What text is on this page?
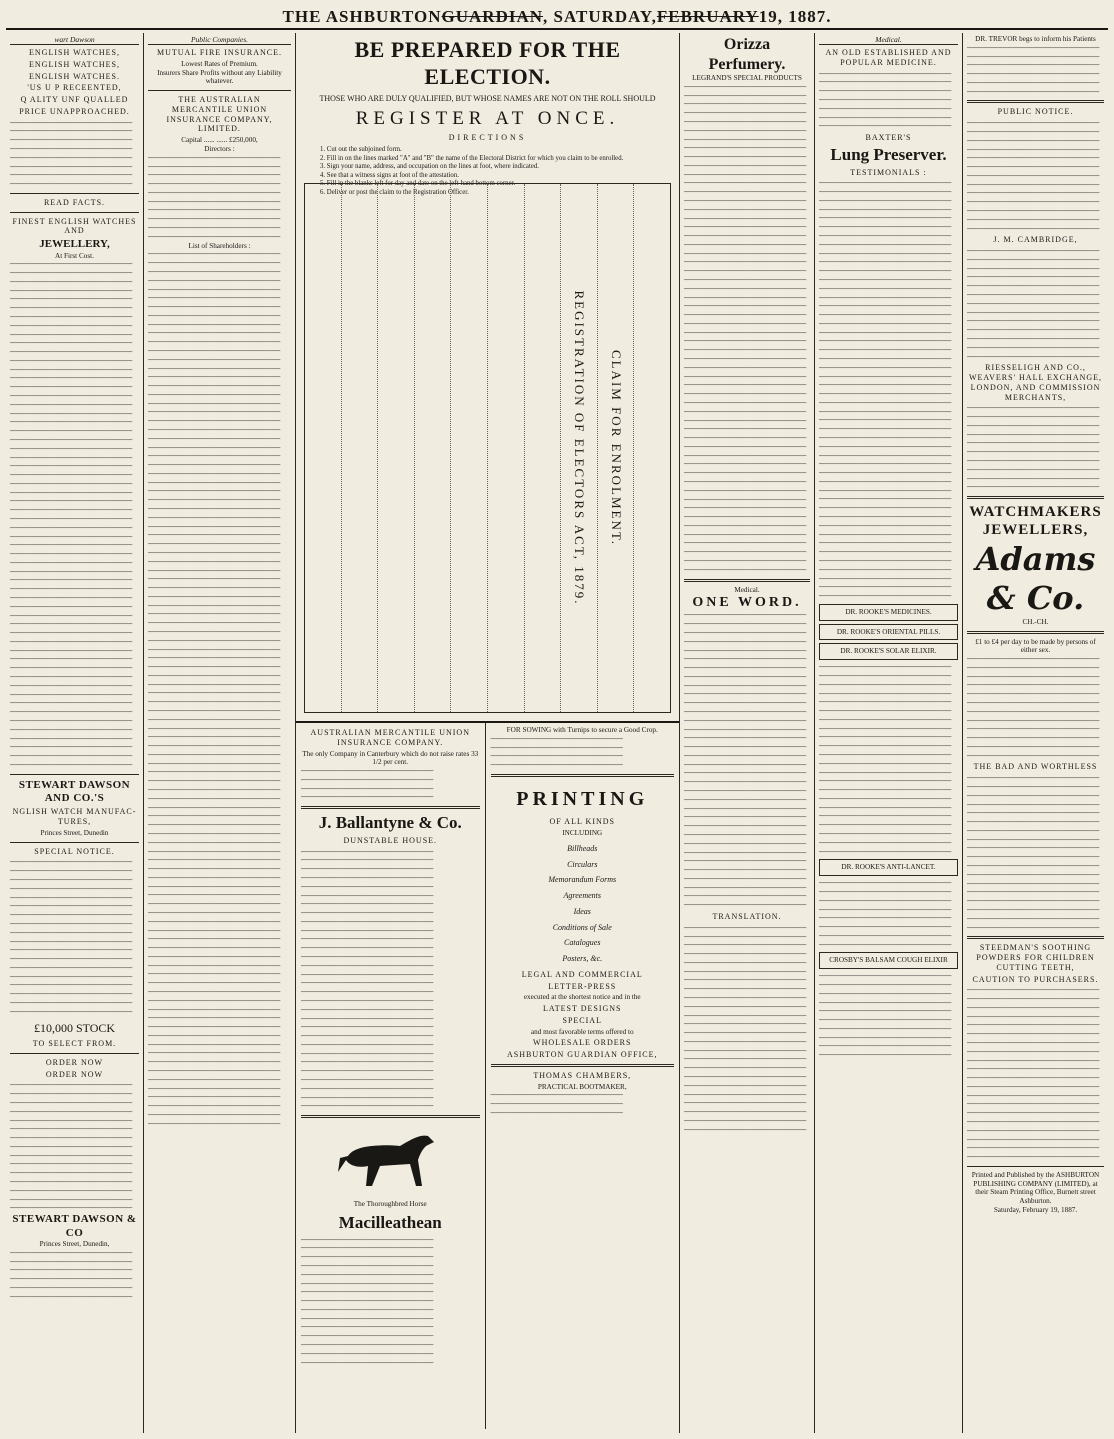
THE ASHBURTON GUARDIAN , SATURDAY, FEBRUARY 19, 1887.
wart Dawson
ENGLISH WATCHES,
ENGLISH WATCHES,
ENGLISH WATCHES.
'US U P RECEENTED,
Q ALITY UNF QUALLED
PRICE UNAPPROACHED.
────────────────────────
────────────────────────
────────────────────────
────────────────────────
────────────────────────
────────────────────────
────────────────────────
────────────────────────
READ FACTS.
FINEST ENGLISH WATCHES AND
JEWELLERY,
At First Cost.
────────────────────────
────────────────────────
────────────────────────
────────────────────────
────────────────────────
────────────────────────
────────────────────────
────────────────────────
────────────────────────
────────────────────────
────────────────────────
────────────────────────
────────────────────────
────────────────────────
────────────────────────
────────────────────────
────────────────────────
────────────────────────
────────────────────────
────────────────────────
────────────────────────
────────────────────────
────────────────────────
────────────────────────
────────────────────────
────────────────────────
────────────────────────
────────────────────────
────────────────────────
────────────────────────
────────────────────────
────────────────────────
────────────────────────
────────────────────────
────────────────────────
────────────────────────
────────────────────────
────────────────────────
────────────────────────
────────────────────────
────────────────────────
────────────────────────
────────────────────────
────────────────────────
────────────────────────
────────────────────────
────────────────────────
────────────────────────
────────────────────────
────────────────────────
────────────────────────
────────────────────────
────────────────────────
────────────────────────
────────────────────────
────────────────────────
────────────────────────
────────────────────────
STEWART DAWSON AND CO.'S
NGLISH WATCH MANUFAC-TURES,
Princes Street, Dunedin
SPECIAL NOTICE.
────────────────────────
────────────────────────
────────────────────────
────────────────────────
────────────────────────
────────────────────────
────────────────────────
────────────────────────
────────────────────────
────────────────────────
────────────────────────
────────────────────────
────────────────────────
────────────────────────
────────────────────────
────────────────────────
────────────────────────
────────────────────────
£10,000 STOCK
TO SELECT FROM.
ORDER NOW
ORDER NOW
────────────────────────
────────────────────────
────────────────────────
────────────────────────
────────────────────────
────────────────────────
────────────────────────
────────────────────────
────────────────────────
────────────────────────
────────────────────────
────────────────────────
────────────────────────
────────────────────────
────────────────────────
STEWART DAWSON & CO
Princes Street, Dunedin,
────────────────────────
────────────────────────
────────────────────────
────────────────────────
────────────────────────
────────────────────────
Public Companies.
MUTUAL FIRE INSURANCE.
Lowest Rates of Premium.
Insurers Share Profits without any Liability whatever.
THE AUSTRALIAN MERCANTILE UNION INSURANCE COMPANY, LIMITED.
Capital ...... ...... £250,000,
Directors :
──────────────────────────
──────────────────────────
──────────────────────────
──────────────────────────
──────────────────────────
──────────────────────────
──────────────────────────
──────────────────────────
──────────────────────────
──────────────────────────
List of Shareholders :
──────────────────────────
──────────────────────────
──────────────────────────
──────────────────────────
──────────────────────────
──────────────────────────
──────────────────────────
──────────────────────────
──────────────────────────
──────────────────────────
──────────────────────────
──────────────────────────
──────────────────────────
──────────────────────────
──────────────────────────
──────────────────────────
──────────────────────────
──────────────────────────
──────────────────────────
──────────────────────────
──────────────────────────
──────────────────────────
──────────────────────────
──────────────────────────
──────────────────────────
──────────────────────────
──────────────────────────
──────────────────────────
──────────────────────────
──────────────────────────
──────────────────────────
──────────────────────────
──────────────────────────
──────────────────────────
──────────────────────────
──────────────────────────
──────────────────────────
──────────────────────────
──────────────────────────
──────────────────────────
──────────────────────────
──────────────────────────
──────────────────────────
──────────────────────────
──────────────────────────
──────────────────────────
──────────────────────────
──────────────────────────
──────────────────────────
──────────────────────────
──────────────────────────
──────────────────────────
──────────────────────────
──────────────────────────
──────────────────────────
──────────────────────────
──────────────────────────
──────────────────────────
──────────────────────────
──────────────────────────
──────────────────────────
──────────────────────────
──────────────────────────
──────────────────────────
──────────────────────────
──────────────────────────
──────────────────────────
──────────────────────────
──────────────────────────
──────────────────────────
──────────────────────────
──────────────────────────
──────────────────────────
──────────────────────────
──────────────────────────
──────────────────────────
──────────────────────────
──────────────────────────
──────────────────────────
──────────────────────────
──────────────────────────
──────────────────────────
──────────────────────────
──────────────────────────
──────────────────────────
──────────────────────────
──────────────────────────
──────────────────────────
──────────────────────────
──────────────────────────
──────────────────────────
──────────────────────────
──────────────────────────
──────────────────────────
──────────────────────────
──────────────────────────
──────────────────────────
──────────────────────────
──────────────────────────
──────────────────────────
BE PREPARED FOR THE ELECTION.
THOSE WHO ARE DULY QUALIFIED, BUT WHOSE NAMES ARE NOT ON THE ROLL SHOULD
REGISTER AT ONCE.
DIRECTIONS
1. Cut out the subjoined form.
2. Fill in on the lines marked "A" and "B" the name of the Electoral District for which you claim to be enrolled.
3. Sign your name, address, and occupation on the lines at foot, where indicated.
4. See that a witness signs at foot of the attestation.
5. Fill in the blanks left for day and date on the left-hand bottom corner.
6. Deliver or post the claim to the Registration Officer.
REGISTRATION OF ELECTORS ACT, 1879. CLAIM FOR ENROLMENT.
AUSTRALIAN MERCANTILE UNION INSURANCE COMPANY.
The only Company in Canterbury which do not raise rates 33 1/2 per cent.
──────────────────────────
──────────────────────────
──────────────────────────
──────────────────────────
J. Ballantyne & Co.
DUNSTABLE HOUSE.
──────────────────────────
──────────────────────────
──────────────────────────
──────────────────────────
──────────────────────────
──────────────────────────
──────────────────────────
──────────────────────────
──────────────────────────
──────────────────────────
──────────────────────────
──────────────────────────
──────────────────────────
──────────────────────────
──────────────────────────
──────────────────────────
──────────────────────────
──────────────────────────
──────────────────────────
──────────────────────────
──────────────────────────
──────────────────────────
──────────────────────────
──────────────────────────
──────────────────────────
──────────────────────────
──────────────────────────
──────────────────────────
──────────────────────────
──────────────────────────
The Thoroughbred Horse
Macilleathean
──────────────────────────
──────────────────────────
──────────────────────────
──────────────────────────
──────────────────────────
──────────────────────────
──────────────────────────
──────────────────────────
──────────────────────────
──────────────────────────
──────────────────────────
──────────────────────────
──────────────────────────
──────────────────────────
──────────────────────────
FOR SOWING with Turnips to secure a Good Crop.
──────────────────────────
──────────────────────────
──────────────────────────
──────────────────────────
PRINTING
OF ALL KINDS
INCLUDING
Billheads
Circulars
Memorandum Forms
Agreements
Ideas
Conditions of Sale
Catalogues
Posters, &c.
LEGAL AND COMMERCIAL
LETTER-PRESS
executed at the shortest notice and in the
LATEST DESIGNS
SPECIAL
and most favorable terms offered to
WHOLESALE ORDERS
ASHBURTON GUARDIAN OFFICE,
THOMAS CHAMBERS,
PRACTICAL BOOTMAKER,
──────────────────────────
──────────────────────────
──────────────────────────
Orizza Perfumery.
LEGRAND'S SPECIAL PRODUCTS
────────────────────────
────────────────────────
────────────────────────
────────────────────────
────────────────────────
────────────────────────
────────────────────────
────────────────────────
────────────────────────
────────────────────────
────────────────────────
────────────────────────
────────────────────────
────────────────────────
────────────────────────
────────────────────────
────────────────────────
────────────────────────
────────────────────────
────────────────────────
────────────────────────
────────────────────────
────────────────────────
────────────────────────
────────────────────────
────────────────────────
────────────────────────
────────────────────────
────────────────────────
────────────────────────
────────────────────────
────────────────────────
────────────────────────
────────────────────────
────────────────────────
────────────────────────
────────────────────────
────────────────────────
────────────────────────
────────────────────────
────────────────────────
────────────────────────
────────────────────────
────────────────────────
────────────────────────
────────────────────────
────────────────────────
────────────────────────
────────────────────────
────────────────────────
────────────────────────
────────────────────────
────────────────────────
────────────────────────
────────────────────────
────────────────────────
Medical.
ONE WORD.
────────────────────────
────────────────────────
────────────────────────
────────────────────────
────────────────────────
────────────────────────
────────────────────────
────────────────────────
────────────────────────
────────────────────────
────────────────────────
────────────────────────
────────────────────────
────────────────────────
────────────────────────
────────────────────────
────────────────────────
────────────────────────
────────────────────────
────────────────────────
────────────────────────
────────────────────────
────────────────────────
────────────────────────
────────────────────────
────────────────────────
────────────────────────
────────────────────────
────────────────────────
────────────────────────
────────────────────────
────────────────────────
────────────────────────
────────────────────────
TRANSLATION.
────────────────────────
────────────────────────
────────────────────────
────────────────────────
────────────────────────
────────────────────────
────────────────────────
────────────────────────
────────────────────────
────────────────────────
────────────────────────
────────────────────────
────────────────────────
────────────────────────
────────────────────────
────────────────────────
────────────────────────
────────────────────────
────────────────────────
────────────────────────
────────────────────────
────────────────────────
────────────────────────
────────────────────────
Medical.
AN OLD ESTABLISHED AND POPULAR MEDICINE.
──────────────────────────
──────────────────────────
──────────────────────────
──────────────────────────
──────────────────────────
──────────────────────────
──────────────────────────
BAXTER'S
Lung Preserver.
TESTIMONIALS :
──────────────────────────
──────────────────────────
──────────────────────────
──────────────────────────
──────────────────────────
──────────────────────────
──────────────────────────
──────────────────────────
──────────────────────────
──────────────────────────
──────────────────────────
──────────────────────────
──────────────────────────
──────────────────────────
──────────────────────────
──────────────────────────
──────────────────────────
──────────────────────────
──────────────────────────
──────────────────────────
──────────────────────────
──────────────────────────
──────────────────────────
──────────────────────────
──────────────────────────
──────────────────────────
──────────────────────────
──────────────────────────
──────────────────────────
──────────────────────────
──────────────────────────
──────────────────────────
──────────────────────────
──────────────────────────
──────────────────────────
──────────────────────────
──────────────────────────
──────────────────────────
──────────────────────────
──────────────────────────
──────────────────────────
──────────────────────────
──────────────────────────
──────────────────────────
──────────────────────────
──────────────────────────
──────────────────────────
──────────────────────────
DR. ROOKE'S MEDICINES.
DR. ROOKE'S ORIENTAL PILLS.
DR. ROOKE'S SOLAR ELIXIR.
──────────────────────────
──────────────────────────
──────────────────────────
──────────────────────────
──────────────────────────
──────────────────────────
──────────────────────────
──────────────────────────
──────────────────────────
──────────────────────────
──────────────────────────
──────────────────────────
──────────────────────────
──────────────────────────
──────────────────────────
──────────────────────────
──────────────────────────
──────────────────────────
──────────────────────────
──────────────────────────
──────────────────────────
──────────────────────────
DR. ROOKE'S ANTI-LANCET.
──────────────────────────
──────────────────────────
──────────────────────────
──────────────────────────
──────────────────────────
──────────────────────────
──────────────────────────
──────────────────────────
CROSBY'S BALSAM COUGH ELIXIR
──────────────────────────
──────────────────────────
──────────────────────────
──────────────────────────
──────────────────────────
──────────────────────────
──────────────────────────
──────────────────────────
──────────────────────────
──────────────────────────
DR. TREVOR begs to inform his Patients
──────────────────────────
──────────────────────────
──────────────────────────
──────────────────────────
──────────────────────────
──────────────────────────
PUBLIC NOTICE.
──────────────────────────
──────────────────────────
──────────────────────────
──────────────────────────
──────────────────────────
──────────────────────────
──────────────────────────
──────────────────────────
──────────────────────────
──────────────────────────
──────────────────────────
──────────────────────────
──────────────────────────
J. M. CAMBRIDGE,
──────────────────────────
──────────────────────────
──────────────────────────
──────────────────────────
──────────────────────────
──────────────────────────
──────────────────────────
──────────────────────────
──────────────────────────
──────────────────────────
──────────────────────────
──────────────────────────
──────────────────────────
RIESSELIGH AND CO., WEAVERS' HALL EXCHANGE, LONDON, AND COMMISSION MERCHANTS,
──────────────────────────
──────────────────────────
──────────────────────────
──────────────────────────
──────────────────────────
──────────────────────────
──────────────────────────
──────────────────────────
──────────────────────────
──────────────────────────
WATCHMAKERS
JEWELLERS,
Adams & Co.
CH.-CH.
£1 to £4 per day to be made by persons of either sex.
──────────────────────────
──────────────────────────
──────────────────────────
──────────────────────────
──────────────────────────
──────────────────────────
──────────────────────────
──────────────────────────
──────────────────────────
──────────────────────────
──────────────────────────
──────────────────────────
THE BAD AND WORTHLESS
──────────────────────────
──────────────────────────
──────────────────────────
──────────────────────────
──────────────────────────
──────────────────────────
──────────────────────────
──────────────────────────
──────────────────────────
──────────────────────────
──────────────────────────
──────────────────────────
──────────────────────────
──────────────────────────
──────────────────────────
──────────────────────────
──────────────────────────
──────────────────────────
STEEDMAN'S SOOTHING POWDERS FOR CHILDREN CUTTING TEETH,
CAUTION TO PURCHASERS.
──────────────────────────
──────────────────────────
──────────────────────────
──────────────────────────
──────────────────────────
──────────────────────────
──────────────────────────
──────────────────────────
──────────────────────────
──────────────────────────
──────────────────────────
──────────────────────────
──────────────────────────
──────────────────────────
──────────────────────────
──────────────────────────
──────────────────────────
──────────────────────────
──────────────────────────
──────────────────────────
Printed and Published by the ASHBURTON PUBLISHING COMPANY (LIMITED), at their Steam Printing Office, Burnett street Ashburton.
Saturday, February 19, 1887.
